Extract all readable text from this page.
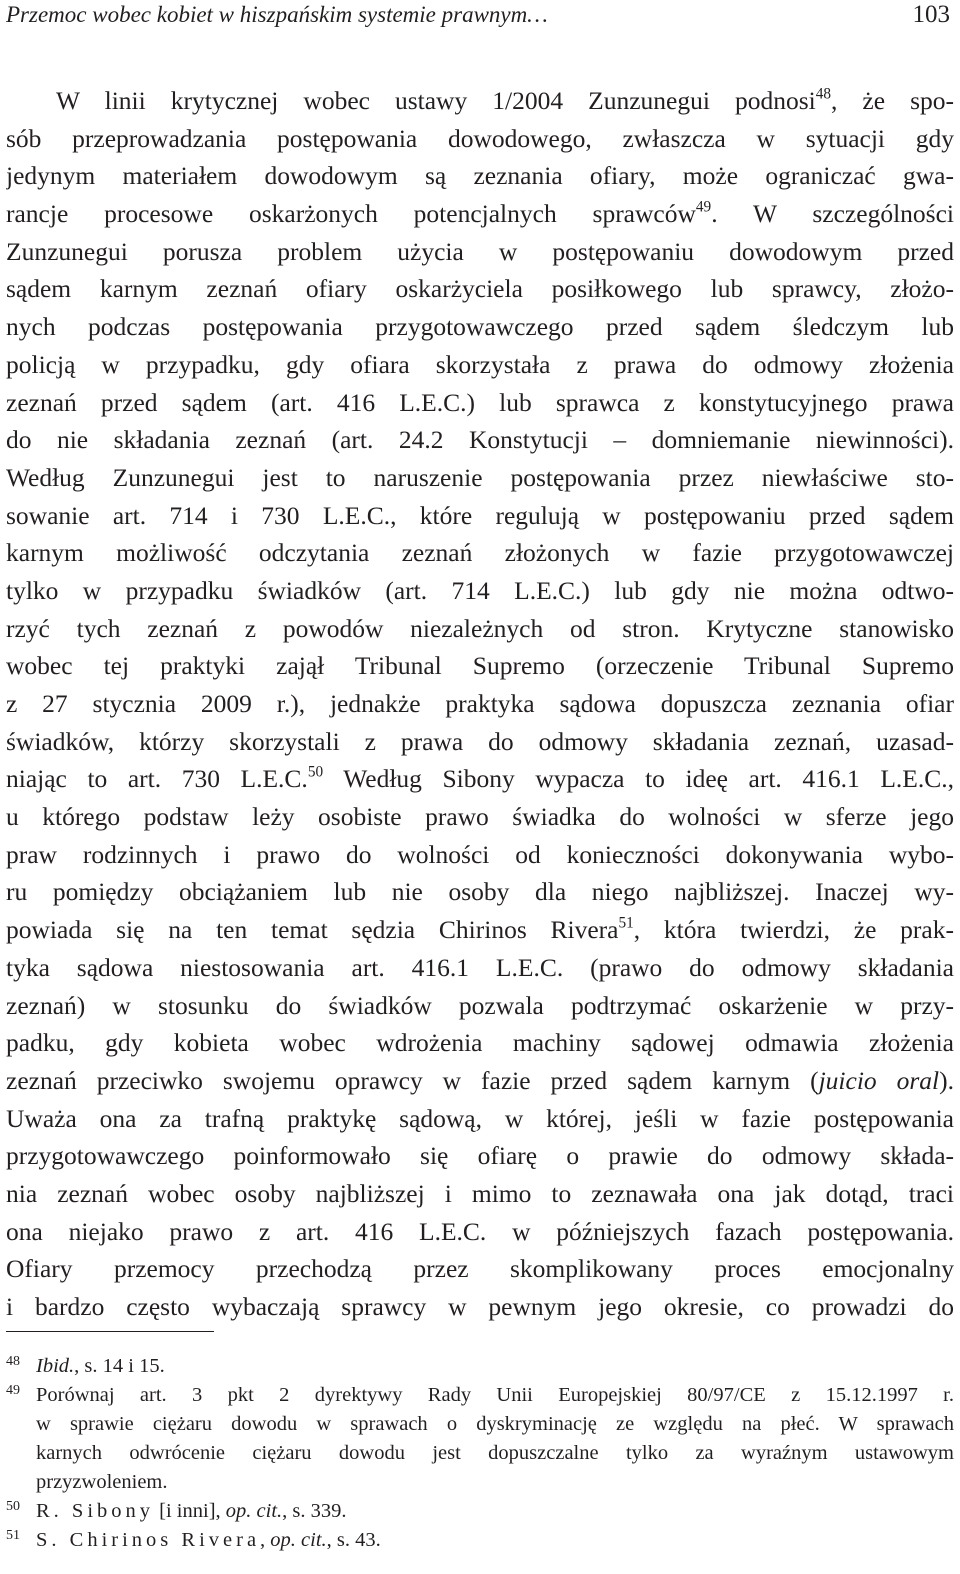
Przemoc wobec kobiet w hiszpańskim systemie prawnym…	103
W linii krytycznej wobec ustawy 1/2004 Zunzunegui podnosi$^{48}$, że spo-
sób przeprowadzania postępowania dowodowego, zwłaszcza w sytuacji gdy
jedynym materiałem dowodowym są zeznania ofiary, może ograniczać gwa-
rancje procesowe oskarżonych potencjalnych sprawców$^{49}$. W szczególności
Zunzunegui porusza problem użycia w postępowaniu dowodowym przed
sądem karnym zeznań ofiary oskarżyciela posiłkowego lub sprawcy, złożo-
nych podczas postępowania przygotowawczego przed sądem śledczym lub
policją w przypadku, gdy ofiara skorzystała z prawa do odmowy złożenia
zeznań przed sądem (art. 416 L.E.C.) lub sprawca z konstytucyjnego prawa
do nie składania zeznań (art. 24.2 Konstytucji – domniemanie niewinności).
Według Zunzunegui jest to naruszenie postępowania przez niewłaściwe sto-
sowanie art. 714 i 730 L.E.C., które regulują w postępowaniu przed sądem
karnym możliwość odczytania zeznań złożonych w fazie przygotowawczej
tylko w przypadku świadków (art. 714 L.E.C.) lub gdy nie można odtwo-
rzyć tych zeznań z powodów niezależnych od stron. Krytyczne stanowisko
wobec tej praktyki zajął Tribunal Supremo (orzeczenie Tribunal Supremo
z 27 stycznia 2009 r.), jednakże praktyka sądowa dopuszcza zeznania ofiar
świadków, którzy skorzystali z prawa do odmowy składania zeznań, uzasad-
niając to art. 730 L.E.C.$^{50}$ Według Sibony wypacza to ideę art. 416.1 L.E.C.,
u którego podstaw leży osobiste prawo świadka do wolności w sferze jego
praw rodzinnych i prawo do wolności od konieczności dokonywania wybo-
ru pomiędzy obciążaniem lub nie osoby dla niego najbliższej. Inaczej wy-
powiada się na ten temat sędzia Chirinos Rivera$^{51}$, która twierdzi, że prak-
tyka sądowa niestosowania art. 416.1 L.E.C. (prawo do odmowy składania
zeznań) w stosunku do świadków pozwala podtrzymać oskarżenie w przy-
padku, gdy kobieta wobec wdrożenia machiny sądowej odmawia złożenia
zeznań przeciwko swojemu oprawcy w fazie przed sądem karnym (juicio oral).
Uważa ona za trafną praktykę sądową, w której, jeśli w fazie postępowania
przygotowawczego poinformowało się ofiarę o prawie do odmowy składa-
nia zeznań wobec osoby najbliższej i mimo to zeznawała ona jak dotąd, traci
ona niejako prawo z art. 416 L.E.C. w późniejszych fazach postępowania.
Ofiary przemocy przechodzą przez skomplikowany proces emocjonalny
i bardzo często wybaczają sprawcy w pewnym jego okresie, co prowadzi do
48 Ibid., s. 14 i 15.
49 Porównaj art. 3 pkt 2 dyrektywy Rady Unii Europejskiej 80/97/CE z 15.12.1997 r.
w sprawie ciężaru dowodu w sprawach o dyskryminację ze względu na płeć. W sprawach
karnych odwrócenie ciężaru dowodu jest dopuszczalne tylko za wyraźnym ustawowym
przyzwoleniem.
50 R. Sibony [i inni], op. cit., s. 339.
51 S. Chirinos Rivera, op. cit., s. 43.
